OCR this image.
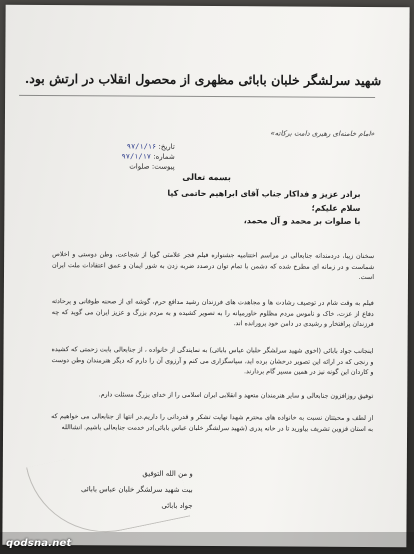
شهید سرلشگر خلبان بابائی مظهری از محصول انقلاب در ارتش بود.
«امام خامنه‌ای رهبری دامت برکاته»
تاریخ: ۹۷/۱/۱۶
شماره: ۹۷/۱/۱۷
پیوست: صلوات
بسمه تعالی
برادر عزیز و فداکار جناب آقای ابراهیم حاتمی کیا
سلام علیکم؛
با صلوات بر محمد و آل محمد،
سخنان زیبا، دردمندانه جنابعالی در مراسم اختتامیه جشنواره فیلم فجر علامتی گویا از شجاعت، وطن دوستی و اخلاص شماست و در زمانه ای مطرح شده که دشمن با تمام توان درصدد ضربه زدن به شور ایمان و عمق اعتقادات ملت ایران است.
فیلم به وقت شام در توصیف رشادت ها و مجاهدت های فرزندان رشید مدافع حرم، گوشه ای از صحنه طوفانی و پرحادثه دفاع از عزت، خاک و ناموس مردم مظلوم خاورمیانه را به تصویر کشیده و به مردم بزرگ و عزیز ایران می گوید که چه فرزندان پرافتخار و رشیدی در دامن خود پرورانده اند.
اینجانب جواد بابائی (اخوی شهید سرلشگر خلبان عباس بابائی) به نمایندگی از خانواده ، از جنابعالی بابت زحمتی که کشیده و رنجی که در ارائه این تصویر درخشان برده اید، سپاسگزاری می کنم و آرزوی آن را دارم که دیگر هنرمندان وطن دوست و کاردان این گونه نیز در همین مسیر گام بردارند.
توفیق روزافزون جنابعالی و سایر هنرمندان متعهد و انقلابی ایران اسلامی را از خدای بزرگ مسئلت دارم.
از لطف و محبتتان نسبت به خانواده های محترم شهدا نهایت تشکر و قدردانی را داریم.در انتها از جنابعالی می خواهیم که به استان قزوین تشریف بیاورید تا در خانه پدری (شهید سرلشگر خلبان عباس بابائی)در خدمت جنابعالی باشیم. انشاالله
و من الله التوفیق
بیت شهید سرلشگر خلبان عباس بابائی
جواد بابائی
qodsna.net
